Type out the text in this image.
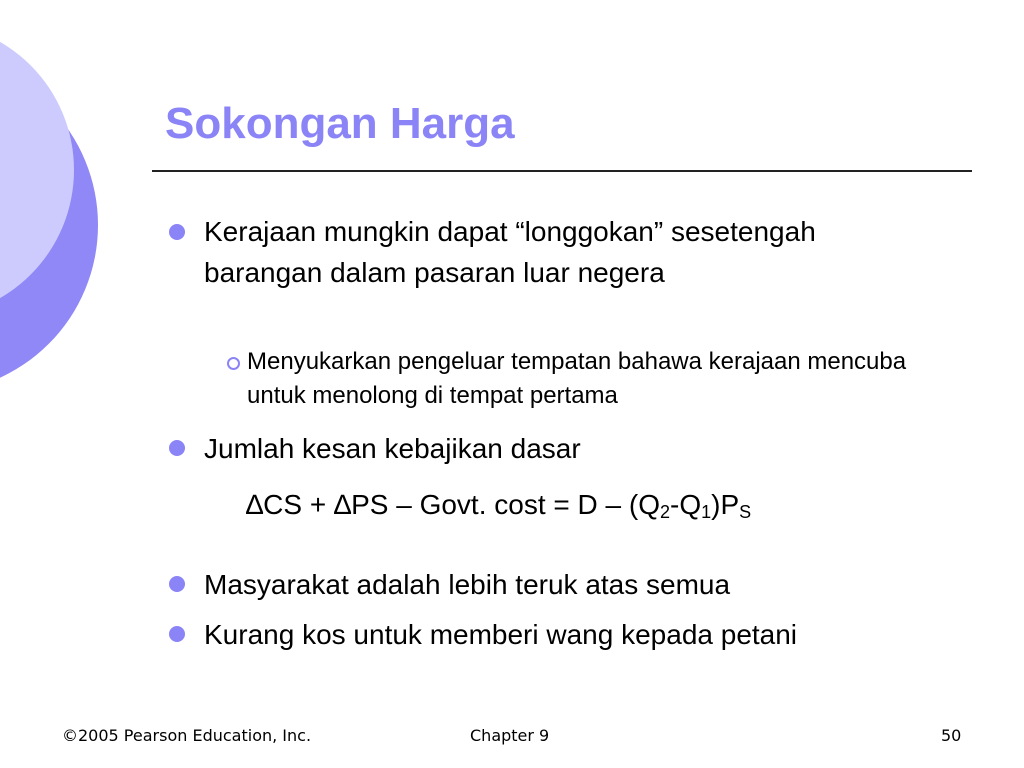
Sokongan Harga
Kerajaan mungkin dapat “longgokan” sesetengah barangan dalam pasaran luar negera
Menyukarkan pengeluar tempatan bahawa kerajaan mencuba untuk menolong di tempat pertama
Jumlah kesan kebajikan dasar
∆CS + ∆PS – Govt. $\cos t = D - (Q_2-Q_1)P_S$
Masyarakat adalah lebih teruk atas semua
Kurang kos untuk memberi wang kepada petani
©2005 Pearson Education, Inc.	Chapter 9	50
